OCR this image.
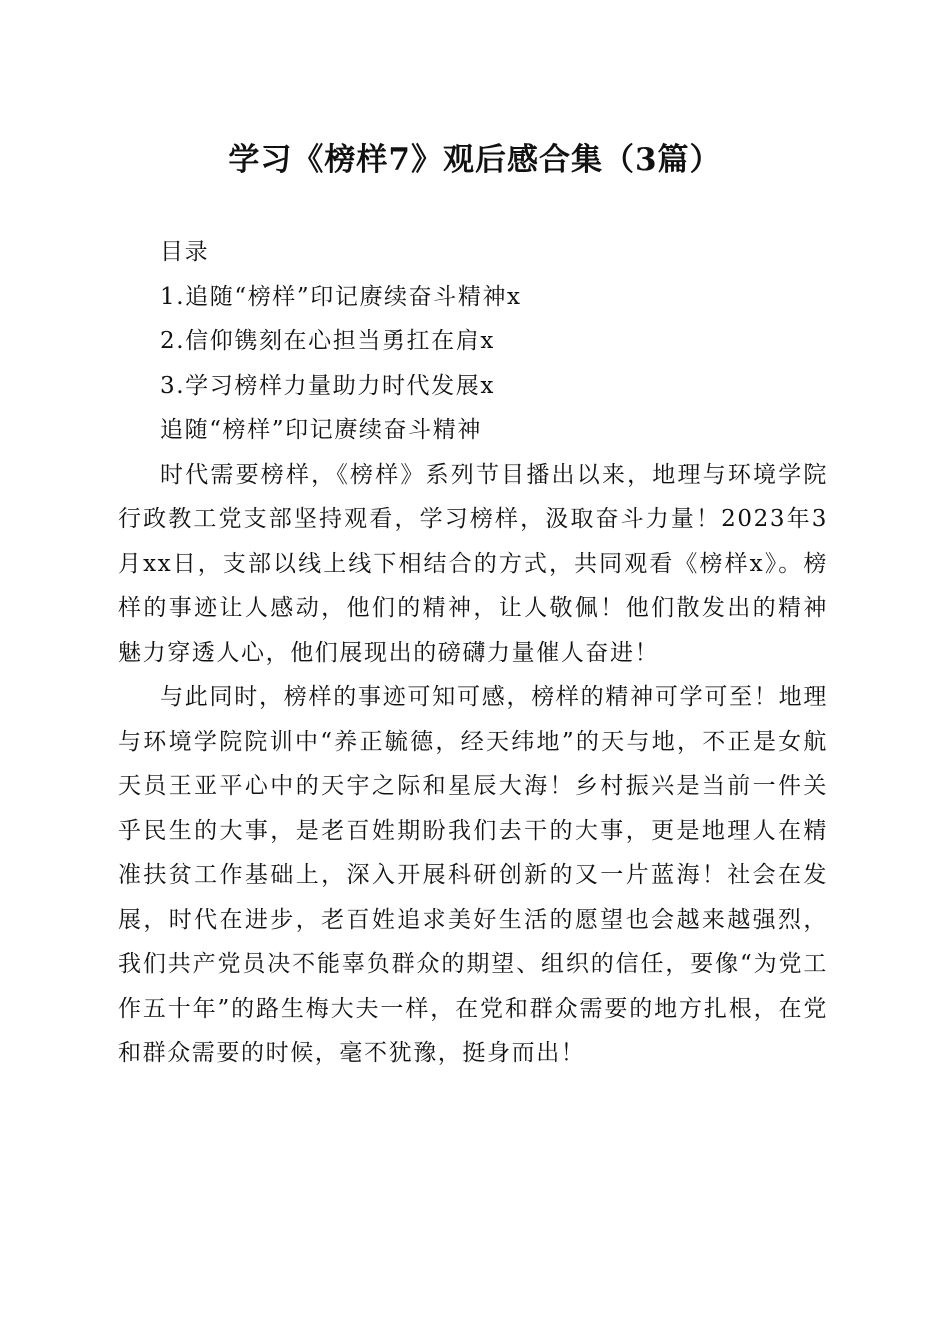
学习《榜样7》观后感合集（3篇）

目录

1.追随“榜样”印记赓续奋斗精神x

2.信仰镌刻在心担当勇扛在肩x

3.学习榜样力量助力时代发展x

追随“榜样”印记赓续奋斗精神

时代需要榜样，《榜样》系列节目播出以来，地理与环境学院行政教工党支部坚持观看，学习榜样，汲取奋斗力量！2023年3月xx日，支部以线上线下相结合的方式，共同观看《榜样x》。榜样的事迹让人感动，他们的精神，让人敬佩！他们散发出的精神魅力穿透人心，他们展现出的磅礴力量催人奋进！

与此同时，榜样的事迹可知可感，榜样的精神可学可至！地理与环境学院院训中“养正毓德，经天纬地”的天与地，不正是女航天员王亚平心中的天宇之际和星辰大海！乡村振兴是当前一件关乎民生的大事，是老百姓期盼我们去干的大事，更是地理人在精准扶贫工作基础上，深入开展科研创新的又一片蓝海！社会在发展，时代在进步，老百姓追求美好生活的愿望也会越来越强烈，我们共产党员决不能辜负群众的期望、组织的信任，要像“为党工作五十年”的路生梅大夫一样，在党和群众需要的地方扎根，在党和群众需要的时候，毫不犹豫，挺身而出！
